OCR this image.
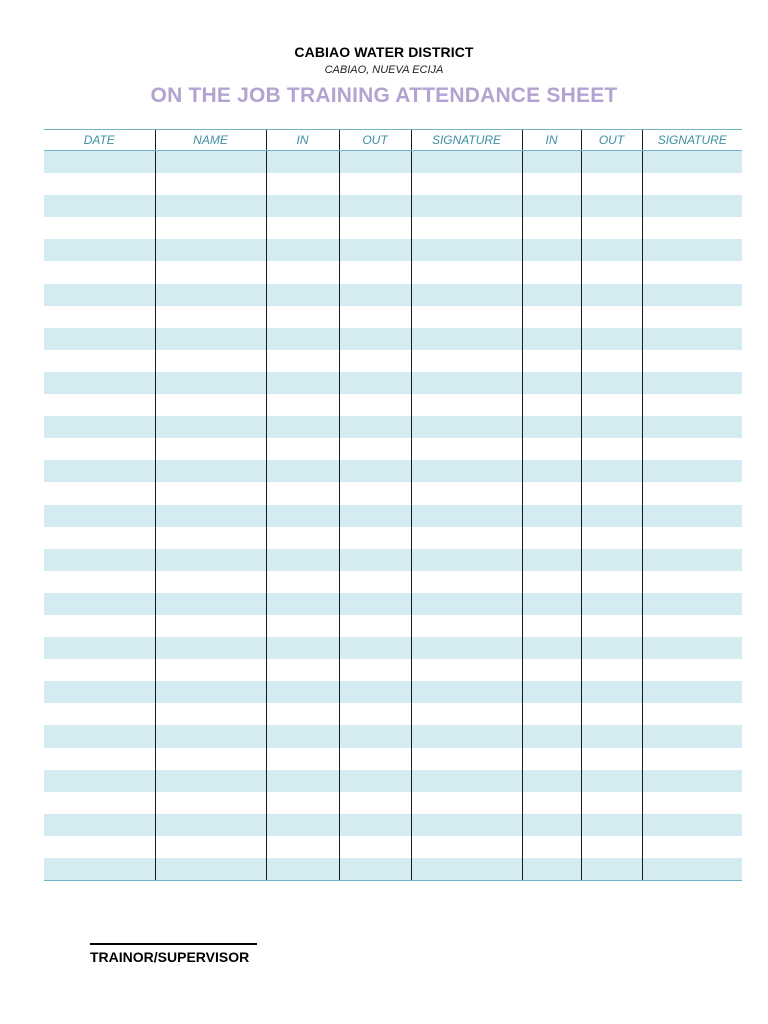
CABIAO WATER DISTRICT
CABIAO, NUEVA ECIJA
ON THE JOB TRAINING ATTENDANCE SHEET
DATE	NAME	IN	OUT	SIGNATURE	IN	OUT	SIGNATURE

TRAINOR/SUPERVISOR
